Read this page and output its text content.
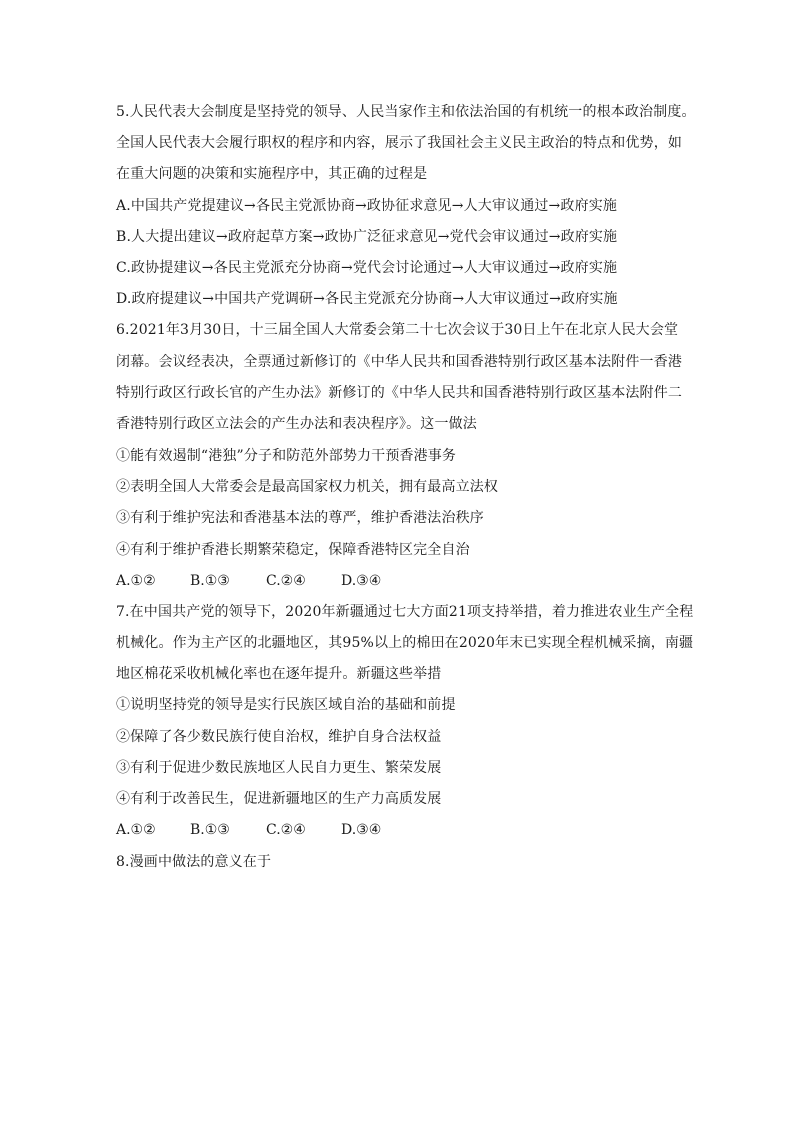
5.人民代表大会制度是坚持党的领导、人民当家作主和依法治国的有机统一的根本政治制度。
全国人民代表大会履行职权的程序和内容，展示了我国社会主义民主政治的特点和优势，如
在重大问题的决策和实施程序中，其正确的过程是
A.中国共产党提建议→各民主党派协商→政协征求意见→人大审议通过→政府实施
B.人大提出建议→政府起草方案→政协广泛征求意见→党代会审议通过→政府实施
C.政协提建议→各民主党派充分协商→党代会讨论通过→人大审议通过→政府实施
D.政府提建议→中国共产党调研→各民主党派充分协商→人大审议通过→政府实施
6.2021年3月30日，十三届全国人大常委会第二十七次会议于30日上午在北京人民大会堂
闭幕。会议经表决，全票通过新修订的《中华人民共和国香港特别行政区基本法附件一香港
特别行政区行政长官的产生办法》新修订的《中华人民共和国香港特别行政区基本法附件二
香港特别行政区立法会的产生办法和表决程序》。这一做法
①能有效遏制“港独”分子和防范外部势力干预香港事务
②表明全国人大常委会是最高国家权力机关，拥有最高立法权
③有利于维护宪法和香港基本法的尊严，维护香港法治秩序
④有利于维护香港长期繁荣稳定，保障香港特区完全自治
A.①② B.①③	C.②④	D.③④
7.在中国共产党的领导下，2020年新疆通过七大方面21项支持举措，着力推进农业生产全程
机械化。作为主产区的北疆地区，其95%以上的棉田在2020年末已实现全程机械采摘，南疆
地区棉花采收机械化率也在逐年提升。新疆这些举措
①说明坚持党的领导是实行民族区域自治的基础和前提
②保障了各少数民族行使自治权，维护自身合法权益
③有利于促进少数民族地区人民自力更生、繁荣发展
④有利于改善民生，促进新疆地区的生产力高质发展
A.①② B.①③	C.②④	D.③④
8.漫画中做法的意义在于
